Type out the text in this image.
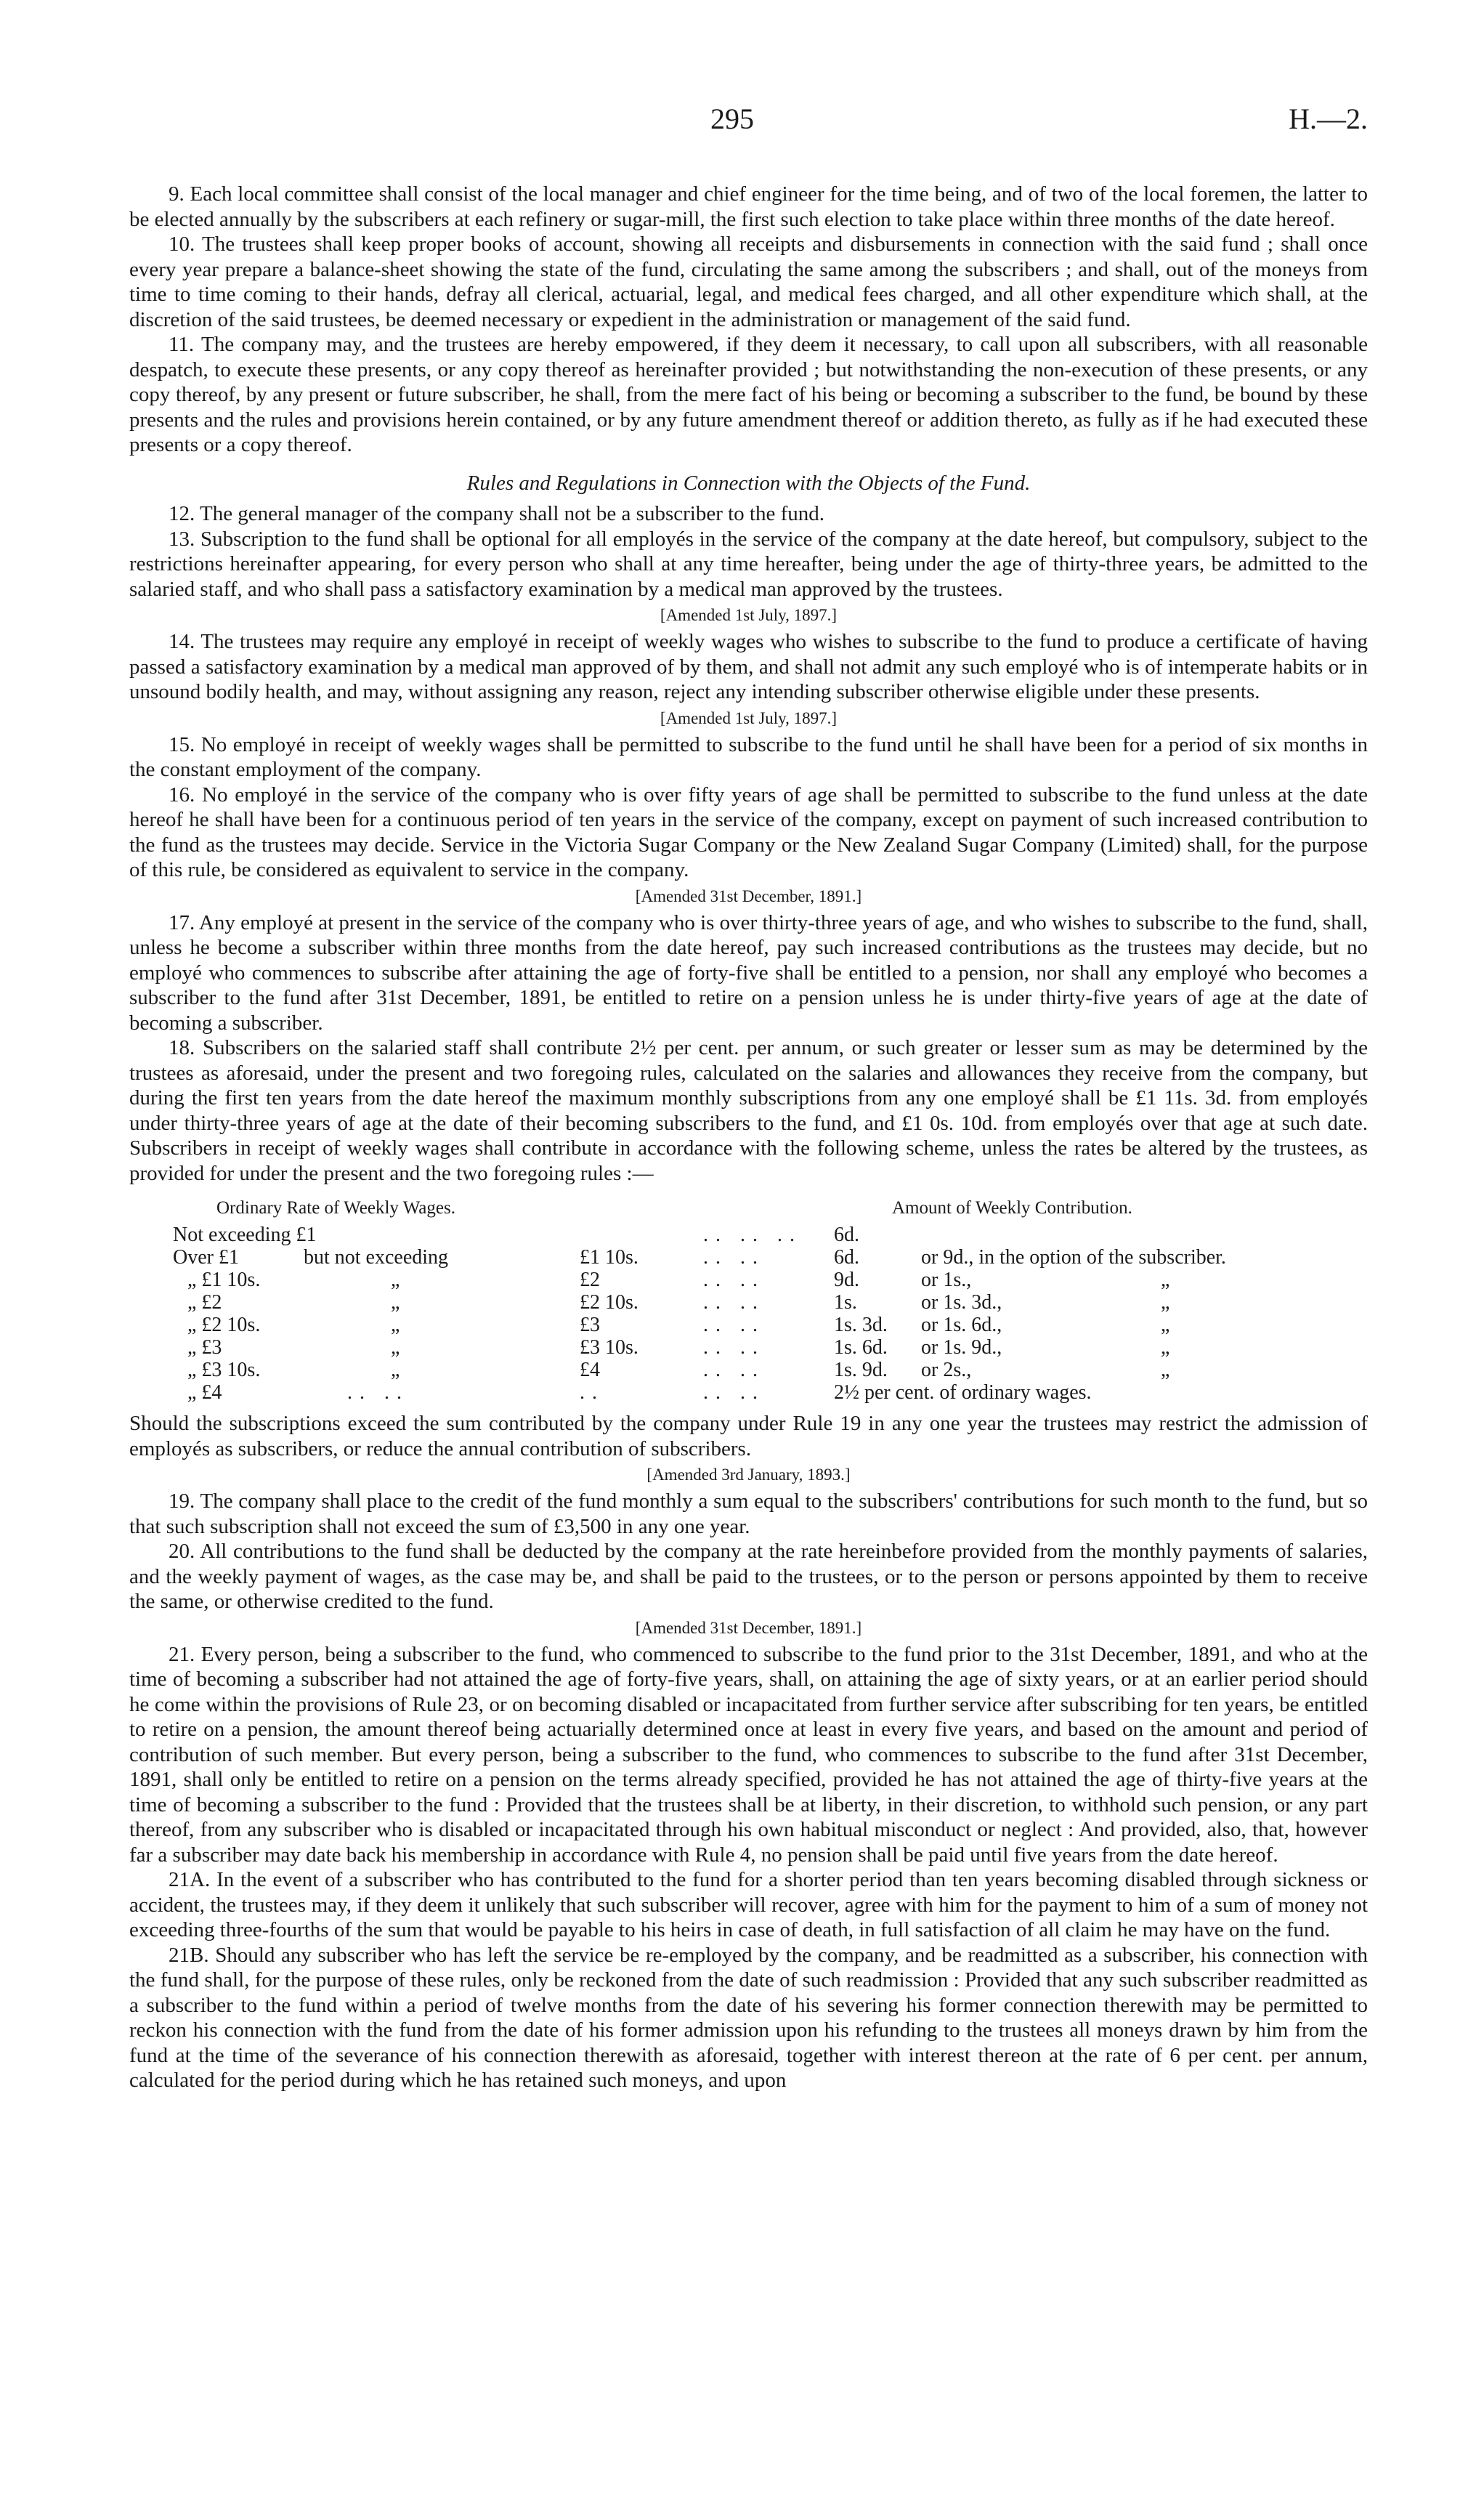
295	H.—2.

9. Each local committee shall consist of the local manager and chief engineer for the time being, and of two of the local foremen, the latter to be elected annually by the subscribers at each refinery or sugar-mill, the first such election to take place within three months of the date hereof.

10. The trustees shall keep proper books of account, showing all receipts and disbursements in connection with the said fund ; shall once every year prepare a balance-sheet showing the state of the fund, circulating the same among the subscribers ; and shall, out of the moneys from time to time coming to their hands, defray all clerical, actuarial, legal, and medical fees charged, and all other expenditure which shall, at the discretion of the said trustees, be deemed necessary or expedient in the administration or management of the said fund.

11. The company may, and the trustees are hereby empowered, if they deem it necessary, to call upon all subscribers, with all reasonable despatch, to execute these presents, or any copy thereof as hereinafter provided ; but notwithstanding the non-execution of these presents, or any copy thereof, by any present or future subscriber, he shall, from the mere fact of his being or becoming a subscriber to the fund, be bound by these presents and the rules and provisions herein contained, or by any future amendment thereof or addition thereto, as fully as if he had executed these presents or a copy thereof.

Rules and Regulations in Connection with the Objects of the Fund.

12. The general manager of the company shall not be a subscriber to the fund.

13. Subscription to the fund shall be optional for all employés in the service of the company at the date hereof, but compulsory, subject to the restrictions hereinafter appearing, for every person who shall at any time hereafter, being under the age of thirty-three years, be admitted to the salaried staff, and who shall pass a satisfactory examination by a medical man approved by the trustees.

[Amended 1st July, 1897.]

14. The trustees may require any employé in receipt of weekly wages who wishes to subscribe to the fund to produce a certificate of having passed a satisfactory examination by a medical man approved of by them, and shall not admit any such employé who is of intemperate habits or in unsound bodily health, and may, without assigning any reason, reject any intending subscriber otherwise eligible under these presents.

[Amended 1st July, 1897.]

15. No employé in receipt of weekly wages shall be permitted to subscribe to the fund until he shall have been for a period of six months in the constant employment of the company.

16. No employé in the service of the company who is over fifty years of age shall be permitted to subscribe to the fund unless at the date hereof he shall have been for a continuous period of ten years in the service of the company, except on payment of such increased contribution to the fund as the trustees may decide. Service in the Victoria Sugar Company or the New Zealand Sugar Company (Limited) shall, for the purpose of this rule, be considered as equivalent to service in the company.

[Amended 31st December, 1891.]

17. Any employé at present in the service of the company who is over thirty-three years of age, and who wishes to subscribe to the fund, shall, unless he become a subscriber within three months from the date hereof, pay such increased contributions as the trustees may decide, but no employé who commences to subscribe after attaining the age of forty-five shall be entitled to a pension, nor shall any employé who becomes a subscriber to the fund after 31st December, 1891, be entitled to retire on a pension unless he is under thirty-five years of age at the date of becoming a subscriber.

18. Subscribers on the salaried staff shall contribute 2½ per cent. per annum, or such greater or lesser sum as may be determined by the trustees as aforesaid, under the present and two foregoing rules, calculated on the salaries and allowances they receive from the company, but during the first ten years from the date hereof the maximum monthly subscriptions from any one employé shall be £1 11s. 3d. from employés under thirty-three years of age at the date of their becoming subscribers to the fund, and £1 0s. 10d. from employés over that age at such date. Subscribers in receipt of weekly wages shall contribute in accordance with the following scheme, unless the rates be altered by the trustees, as provided for under the present and the two foregoing rules :—

Ordinary Rate of Weekly Wages.				Amount of Weekly Contribution.		
Not exceeding £1			.. .. ..	6d.		
Over £1	but not exceeding	£1 10s.	.. ..	6d.	or 9d., in the option of the subscriber.	
„ £1 10s.	„	£2	.. ..	9d.	or 1s.,	„
„ £2	„	£2 10s.	.. ..	1s.	or 1s. 3d.,	„
„ £2 10s.	„	£3	.. ..	1s. 3d.	or 1s. 6d.,	„
„ £3	„	£3 10s.	.. ..	1s. 6d.	or 1s. 9d.,	„
„ £3 10s.	„	£4	.. ..	1s. 9d.	or 2s.,	„
„ £4	.. ..	..	.. ..	2½ per cent. of ordinary wages.		

Should the subscriptions exceed the sum contributed by the company under Rule 19 in any one year the trustees may restrict the admission of employés as subscribers, or reduce the annual contribution of subscribers.

[Amended 3rd January, 1893.]

19. The company shall place to the credit of the fund monthly a sum equal to the subscribers' contributions for such month to the fund, but so that such subscription shall not exceed the sum of £3,500 in any one year.

20. All contributions to the fund shall be deducted by the company at the rate hereinbefore provided from the monthly payments of salaries, and the weekly payment of wages, as the case may be, and shall be paid to the trustees, or to the person or persons appointed by them to receive the same, or otherwise credited to the fund.

[Amended 31st December, 1891.]

21. Every person, being a subscriber to the fund, who commenced to subscribe to the fund prior to the 31st December, 1891, and who at the time of becoming a subscriber had not attained the age of forty-five years, shall, on attaining the age of sixty years, or at an earlier period should he come within the provisions of Rule 23, or on becoming disabled or incapacitated from further service after subscribing for ten years, be entitled to retire on a pension, the amount thereof being actuarially determined once at least in every five years, and based on the amount and period of contribution of such member. But every person, being a subscriber to the fund, who commences to subscribe to the fund after 31st December, 1891, shall only be entitled to retire on a pension on the terms already specified, provided he has not attained the age of thirty-five years at the time of becoming a subscriber to the fund : Provided that the trustees shall be at liberty, in their discretion, to withhold such pension, or any part thereof, from any subscriber who is disabled or incapacitated through his own habitual misconduct or neglect : And provided, also, that, however far a subscriber may date back his membership in accordance with Rule 4, no pension shall be paid until five years from the date hereof.

21A. In the event of a subscriber who has contributed to the fund for a shorter period than ten years becoming disabled through sickness or accident, the trustees may, if they deem it unlikely that such subscriber will recover, agree with him for the payment to him of a sum of money not exceeding three-fourths of the sum that would be payable to his heirs in case of death, in full satisfaction of all claim he may have on the fund.

21B. Should any subscriber who has left the service be re-employed by the company, and be readmitted as a subscriber, his connection with the fund shall, for the purpose of these rules, only be reckoned from the date of such readmission : Provided that any such subscriber readmitted as a subscriber to the fund within a period of twelve months from the date of his severing his former connection therewith may be permitted to reckon his connection with the fund from the date of his former admission upon his refunding to the trustees all moneys drawn by him from the fund at the time of the severance of his connection therewith as aforesaid, together with interest thereon at the rate of 6 per cent. per annum, calculated for the period during which he has retained such moneys, and upon
